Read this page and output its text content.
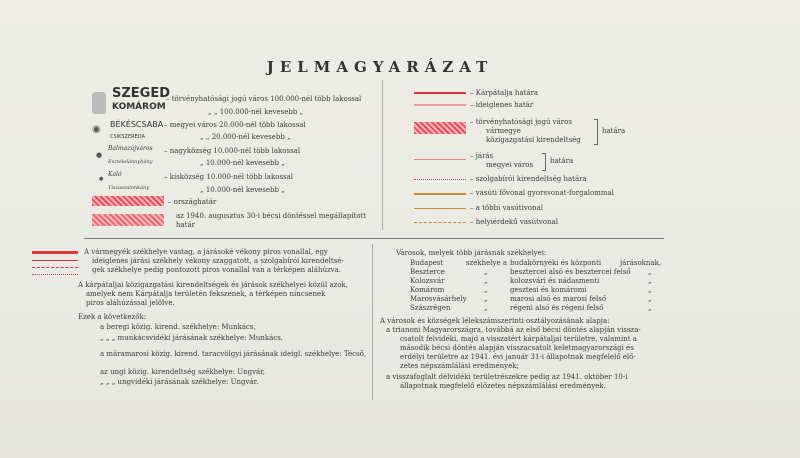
JELMAGYARÁZAT
SZEGED
KOMÁROM
– törvényhatósági jogú város 100.000-nél több lakossal
„ „ 100.000-nél kevesebb „
◉ BÉKÉSCSABA
CSIKSZEREDA
– megyei város 20.000-nél több lakossal
„ „ 20.000-nél kevesebb „
●
Balmazújváros
Esztélelánnyhány
– nagyközség 10.000-nél több lakossal
„ 10.000-nél kevesebb „
●
Kaló
Tiszaszalonkány
– kisközség 10.000-nél több lakossal
„ 10.000-nél kevesebb „
– országhatár
az 1940. augusztus 30-i bécsi döntéssel megállapított
határ
– Kárpátalja határa
– ideiglenes határ
– törvényhatósági jogú város
vármegye
közigazgatási kirendeltség
határa
– járás
megyei város határa
– szolgabírói kirendeltség határa
– vasúti fővonal gyorsvonat-forgalommal
– a többi vasútivonal
– helyiérdekű vasútvonal
A vármegyék székhelye vastag, a járásoké vékony piros vonallal, egy
ideiglenes járási székhely vékony szaggatott, a szolgabírói kirendeltsé-
gek székhelye pedig pontozott piros vonallal van a térképen aláhúzva.
A kárpátaljai közigazgatási kirendeltségek és járások székhelyei közül azok,
amelyek nem Kárpátalja területén fekszenek, a térképen nincsenek
piros aláhúzással jelölve.
Ezek a következők:
a beregi közig. kirend. székhelye: Munkács,
„ „ „ munkácsvidéki járásának székhelye: Munkács,
a máramarosi közig. kirend. taracvölgyi járásának ideigl. székhelye: Técső,
az ungi közig. kirendeltség székhelye: Ungvár,
„ „ „ ungvidéki járásának székhelye: Ungvár.
Városok, melyek több járásnak székhelyei:
Budapest	székhelye a budakörnyéki és központi	járásoknak,
Beszterce	„	besztercei alsó és besztercei felső „
Kolozsvár	„	kolozsvári és nádasmenti	„
Komárom	„	gesztesi és komáromi	„
Marosvásárhely „	marosi alsó és marosi felső	„
Szászrégen	„	régeni alsó és régeni felső	„
A városok és községek lélekszámszerinti osztályozásának alapja:
a trianoni Magyarországra, továbbá az első bécsi döntés alapján vissza-
csatolt felvidéki, majd a visszatért kárpátaljai területre, valamint a
második bécsi döntés alapján visszacsatolt keletmagyarországi és
erdélyi területre az 1941. évi január 31-i állapotnak megfelelő elő-
zetes népszámlálási eredmények;
a visszafoglalt délvidéki területrészekre pedig az 1941. október 10-i
állapotnak megfelelő előzetes népszámlálási eredmények.
